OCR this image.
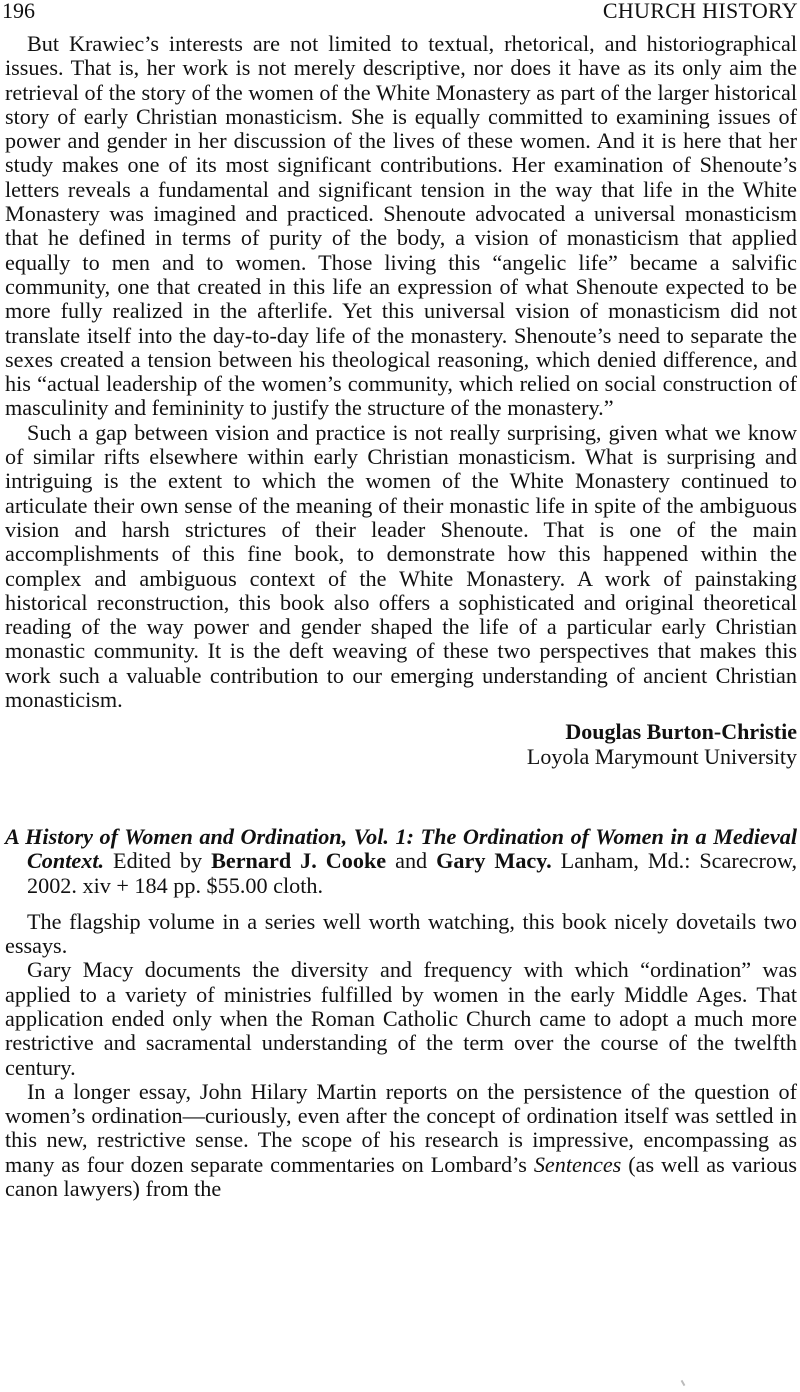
196	CHURCH HISTORY

But Krawiec’s interests are not limited to textual, rhetorical, and historiographical issues. That is, her work is not merely descriptive, nor does it have as its only aim the retrieval of the story of the women of the White Monastery as part of the larger historical story of early Christian monasticism. She is equally committed to examining issues of power and gender in her discussion of the lives of these women. And it is here that her study makes one of its most significant contributions. Her examination of Shenoute’s letters reveals a fundamental and significant tension in the way that life in the White Monastery was imagined and practiced. Shenoute advocated a universal monasticism that he defined in terms of purity of the body, a vision of monasticism that applied equally to men and to women. Those living this “angelic life” became a salvific community, one that created in this life an expression of what Shenoute expected to be more fully realized in the afterlife. Yet this universal vision of monasticism did not translate itself into the day-to-day life of the monastery. Shenoute’s need to separate the sexes created a tension between his theological reasoning, which denied difference, and his “actual leadership of the women’s community, which relied on social construction of masculinity and femininity to justify the structure of the monastery.”

Such a gap between vision and practice is not really surprising, given what we know of similar rifts elsewhere within early Christian monasticism. What is surprising and intriguing is the extent to which the women of the White Monastery continued to articulate their own sense of the meaning of their monastic life in spite of the ambiguous vision and harsh strictures of their leader Shenoute. That is one of the main accomplishments of this fine book, to demonstrate how this happened within the complex and ambiguous context of the White Monastery. A work of painstaking historical reconstruction, this book also offers a sophisticated and original theoretical reading of the way power and gender shaped the life of a particular early Christian monastic community. It is the deft weaving of these two perspectives that makes this work such a valuable contribution to our emerging understanding of ancient Christian monasticism.

Douglas Burton-Christie

Loyola Marymount University

A History of Women and Ordination, Vol. 1: The Ordination of Women in a Medieval Context. Edited by Bernard J. Cooke and Gary Macy. Lanham, Md.: Scarecrow, 2002. xiv + 184 pp. $55.00 cloth.

The flagship volume in a series well worth watching, this book nicely dovetails two essays.

Gary Macy documents the diversity and frequency with which “ordination” was applied to a variety of ministries fulfilled by women in the early Middle Ages. That application ended only when the Roman Catholic Church came to adopt a much more restrictive and sacramental understanding of the term over the course of the twelfth century.

In a longer essay, John Hilary Martin reports on the persistence of the question of women’s ordination—curiously, even after the concept of ordination itself was settled in this new, restrictive sense. The scope of his research is impressive, encompassing as many as four dozen separate commentaries on Lombard’s Sentences (as well as various canon lawyers) from the
